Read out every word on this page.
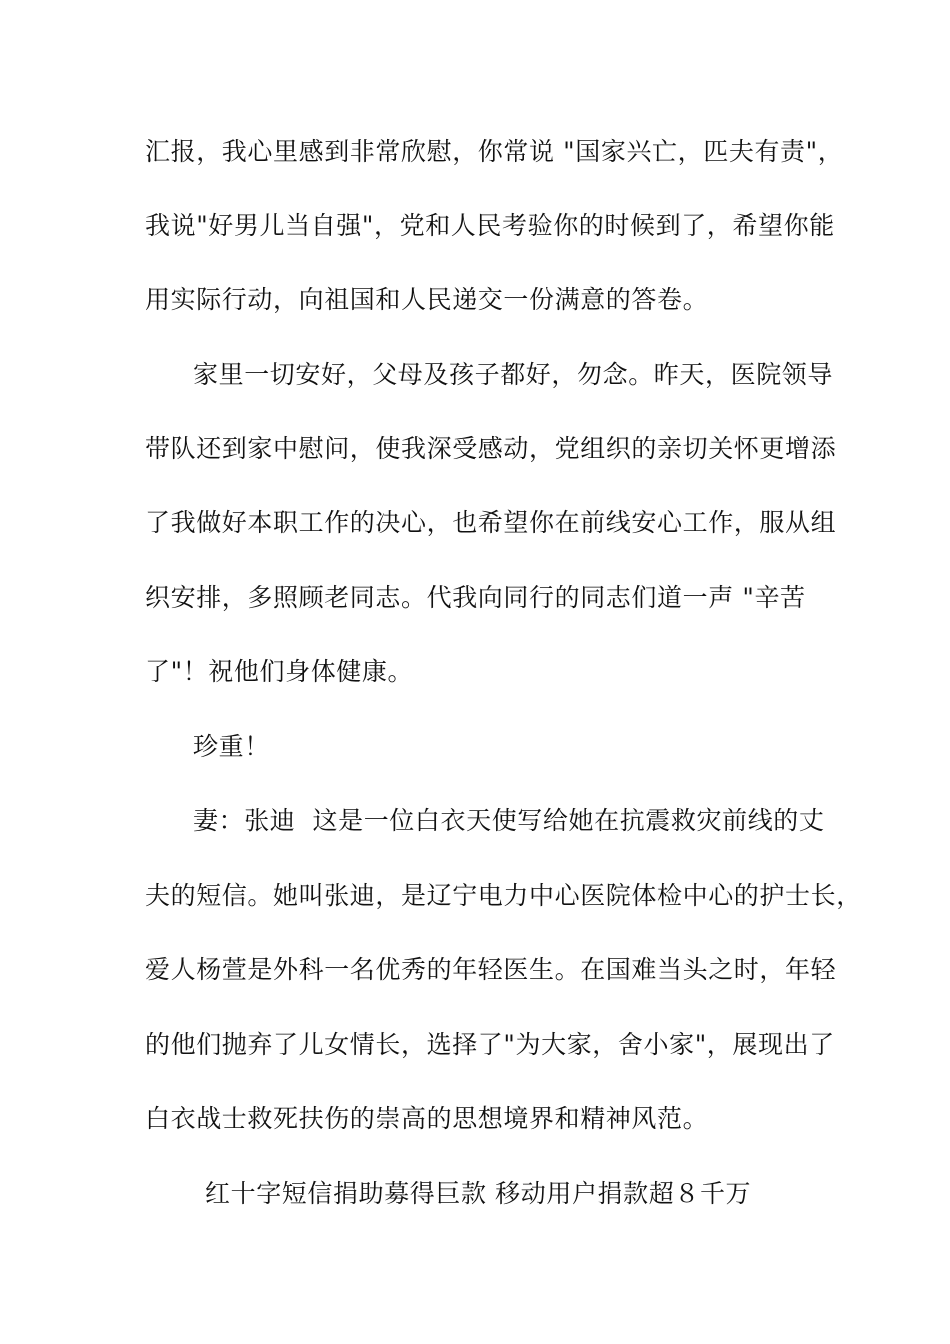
汇报，我心里感到非常欣慰，你常说 "国家兴亡，匹夫有责"，
我说"好男儿当自强"，党和人民考验你的时候到了，希望你能
用实际行动，向祖国和人民递交一份满意的答卷。
家里一切安好，父母及孩子都好，勿念。昨天，医院领导
带队还到家中慰问，使我深受感动，党组织的亲切关怀更增添
了我做好本职工作的决心，也希望你在前线安心工作，服从组
织安排，多照顾老同志。代我向同行的同志们道一声 "辛苦
了"！祝他们身体健康。
珍重！
妻：张迪  这是一位白衣天使写给她在抗震救灾前线的丈
夫的短信。她叫张迪，是辽宁电力中心医院体检中心的护士长，
爱人杨萱是外科一名优秀的年轻医生。在国难当头之时，年轻
的他们抛弃了儿女情长，选择了"为大家，舍小家"，展现出了
白衣战士救死扶伤的崇高的思想境界和精神风范。
红十字短信捐助募得巨款 移动用户捐款超８千万
